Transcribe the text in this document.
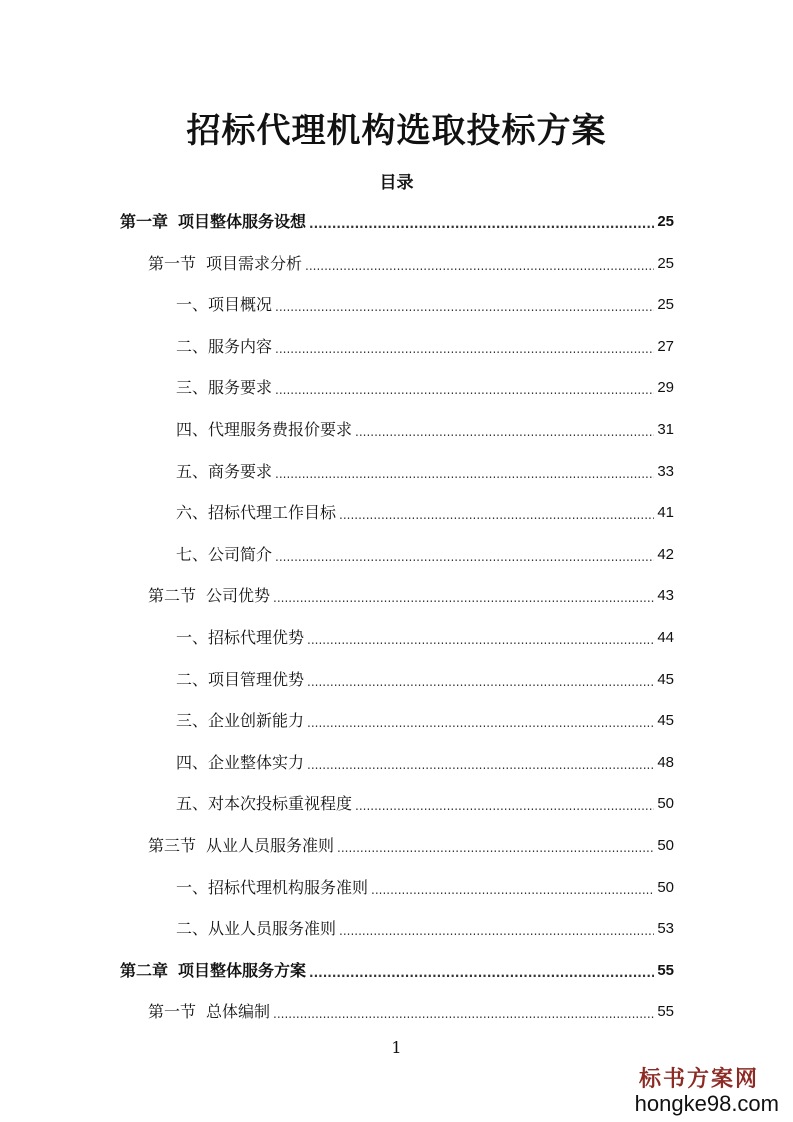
招标代理机构选取投标方案
目录
第一章 项目整体服务设想 .....	25
第一节 项目需求分析 .....	25
一、项目概况 .....	25
二、服务内容 .....	27
三、服务要求 .....	29
四、代理服务费报价要求 .....	31
五、商务要求 .....	33
六、招标代理工作目标 .....	41
七、公司简介 .....	42
第二节 公司优势 .....	43
一、招标代理优势 .....	44
二、项目管理优势 .....	45
三、企业创新能力 .....	45
四、企业整体实力 .....	48
五、对本次投标重视程度 .....	50
第三节 从业人员服务准则 .....	50
一、招标代理机构服务准则 .....	50
二、从业人员服务准则 .....	53
第二章 项目整体服务方案 .....	55
第一节 总体编制 .....	55
1
标书方案网
hongke98.com
